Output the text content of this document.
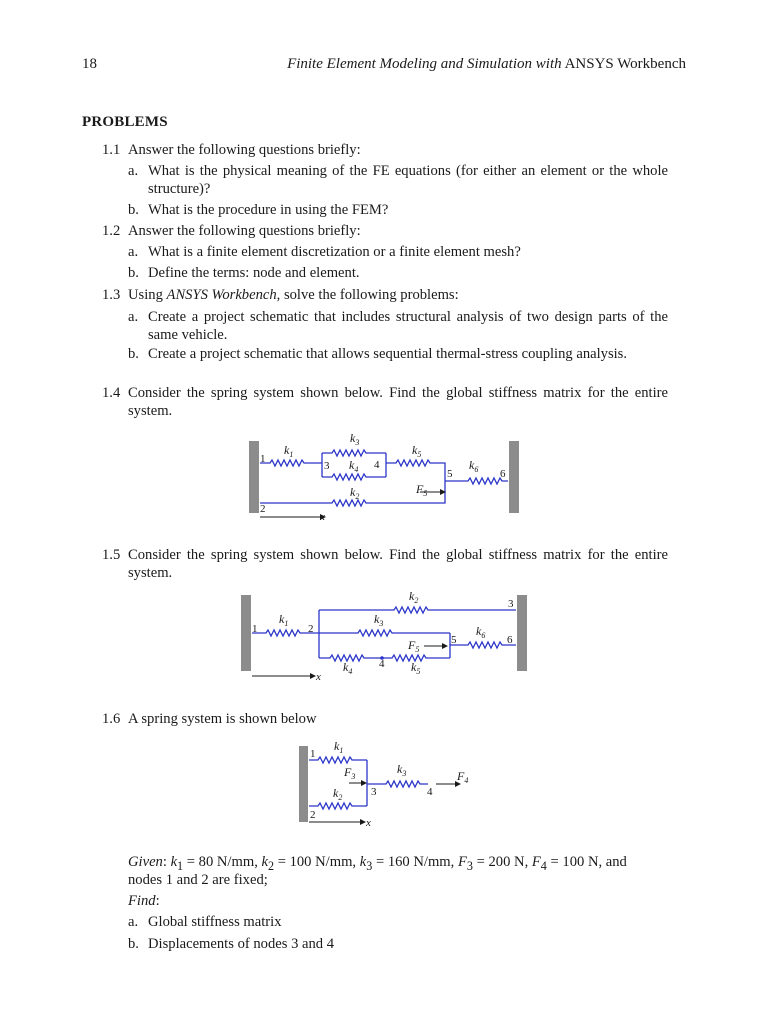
18	Finite Element Modeling and Simulation with ANSYS Workbench
PROBLEMS
1.1 Answer the following questions briefly:
a. What is the physical meaning of the FE equations (for either an element or the whole structure)?
b. What is the procedure in using the FEM?
1.2 Answer the following questions briefly:
a. What is a finite element discretization or a finite element mesh?
b. Define the terms: node and element.
1.3 Using ANSYS Workbench, solve the following problems:
a. Create a project schematic that includes structural analysis of two design parts of the same vehicle.
b. Create a project schematic that allows sequential thermal-stress coupling analysis.
1.4 Consider the spring system shown below. Find the global stiffness matrix for the entire system.
1
2
3	4
5	6
$k_1$
$k_2$
$k_3$
$k_4$
$k_5$
$k_6$
$F_5$
x
1.5 Consider the spring system shown below. Find the global stiffness matrix for the entire system.
1	2
3
4
5	6
$k_1$
$k_2$
$k_3$
$k_4$	$k_5$
$k_6$
$F_5$
x
1.6 A spring system is shown below
1
2
3	4
$k_1$
$k_2$
$k_3$
$F_3$	$F_4$
x
Given: $k_1 = 80$ N/mm, $k_2 = 100$ N/mm, $k_3 = 160$ N/mm, $F_3 = 200$ N, $F_4 = 100$ N, and
nodes 1 and 2 are fixed;
Find:
a. Global stiffness matrix
b. Displacements of nodes 3 and 4
